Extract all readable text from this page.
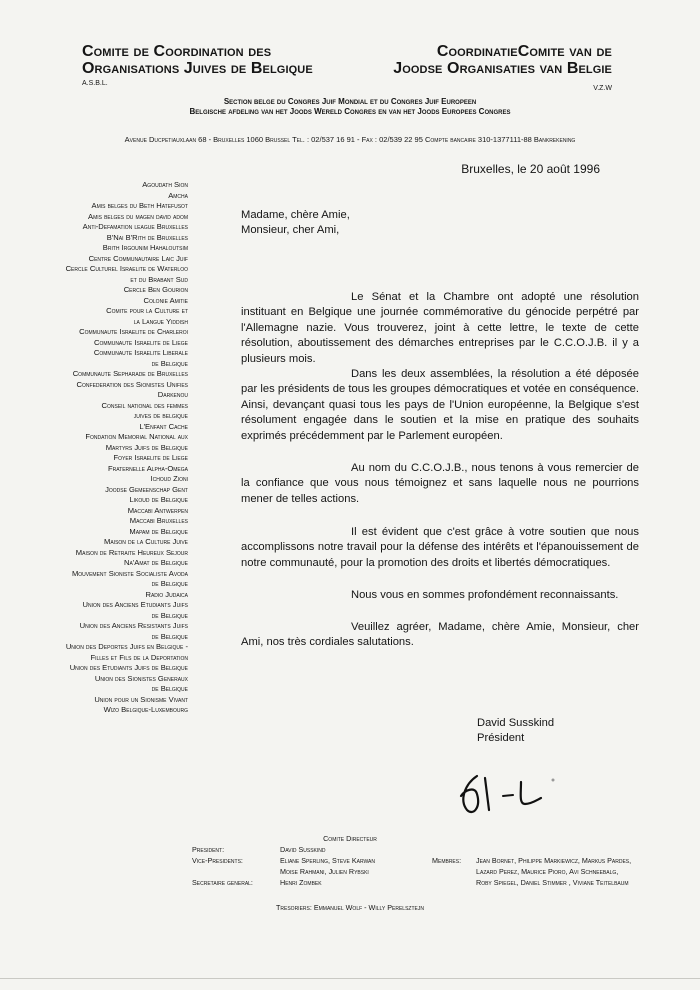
Comite de Coordination des
Organisations Juives de Belgique
A.S.B.L.
CoordinatieComite van de
Joodse Organisaties van Belgie
V.Z.W
Section belge du Congres Juif Mondial et du Congres Juif Europeen
Belgische afdeling van het Joods Wereld Congres en van het Joods Europees Congres
Avenue Ducpetiauxlaan 68 - Bruxelles 1060 Brussel Tel. : 02/537 16 91 - Fax : 02/539 22 95 Compte bancaire 310-1377111-88 Bankrekening
Bruxelles, le 20 août 1996
Agoudath Sion
Amcha
Amis belges du Beth Hatefusot
Amis belges du magen david adom
Anti-Defamation league Bruxelles
B'Nai B'Rith de Bruxelles
Brith Irgounim Hahaloutsim
Centre Communautaire Laic Juif
Cercle Culturel Israelite de Waterloo
et du Brabant Sud
Cercle Ben Gourion
Colonie Amitie
Comite pour la Culture et
la Langue Yiddish
Communaute Israelite de Charleroi
Communaute Israelite de Liege
Communaute Israelite Liberale
de Belgique
Communaute Sepharade de Bruxelles
Confederation des Sionistes Unifies
Darkenou
Conseil national des femmes
juives de belgique
L'Enfant Cache
Fondation Memorial National aux
Martyrs Juifs de Belgique
Foyer Israelite de Liege
Fraternelle Alpha-Omega
Ichoud Zioni
Joodse Gemeenschap Gent
Likoud de Belgique
Maccabi Antwerpen
Maccabi Bruxelles
Mapam de Belgique
Maison de la Culture Juive
Maison de Retraite Heureux Sejour
Na'Amat de Belgique
Mouvement Sioniste Socialiste Avoda
de Belgique
Radio Judaica
Union des Anciens Etudiants Juifs
de Belgique
Union des Anciens Resistants Juifs
de Belgique
Union des Deportes Juifs en Belgique -
Filles et Fils de la Deportation
Union des Etudiants Juifs de Belgique
Union des Sionistes Generaux
de Belgique
Union pour un Sionisme Vivant
Wizo Belgique-Luxembourg

Madame, chère Amie,

Monsieur, cher Ami,

Le Sénat et la Chambre ont adopté une résolution instituant en Belgique une journée commémorative du génocide perpétré par l'Allemagne nazie. Vous trouverez, joint à cette lettre, le texte de cette résolution, aboutissement des démarches entreprises par le C.C.O.J.B. il y a plusieurs mois.

Dans les deux assemblées, la résolution a été déposée par les présidents de tous les groupes démocratiques et votée en conséquence. Ainsi, devançant quasi tous les pays de l'Union européenne, la Belgique s'est résolument engagée dans le soutien et la mise en pratique des souhaits exprimés précédemment par le Parlement européen.

Au nom du C.C.O.J.B., nous tenons à vous remercier de la confiance que vous nous témoignez et sans laquelle nous ne pourrions mener de telles actions.

Il est évident que c'est grâce à votre soutien que nous accomplissons notre travail pour la défense des intérêts et l'épanouissement de notre communauté, pour la promotion des droits et libertés démocratiques.

Nous vous en sommes profondément reconnaissants.

Veuillez agréer, Madame, chère Amie, Monsieur, cher Ami, nos très cordiales salutations.

David Susskind
Président
Comite Directeur
President:
Vice-Presidents:

Secretaire general:
David Susskind
Eliane Sperling, Steve Karwan
Moise Rahmani, Julien Rybski
Henri Zombek
Membres: Jean Bornet, Philippe Markiewicz, Markus Pardes,
Lazard Perez, Maurice Pioro, Avi Schneebalg,
Roby Spiegel, Daniel Stimmer , Viviane Teitelbaum
Tresoriers: Emmanuel Wolf - Willy Perelsztejn
